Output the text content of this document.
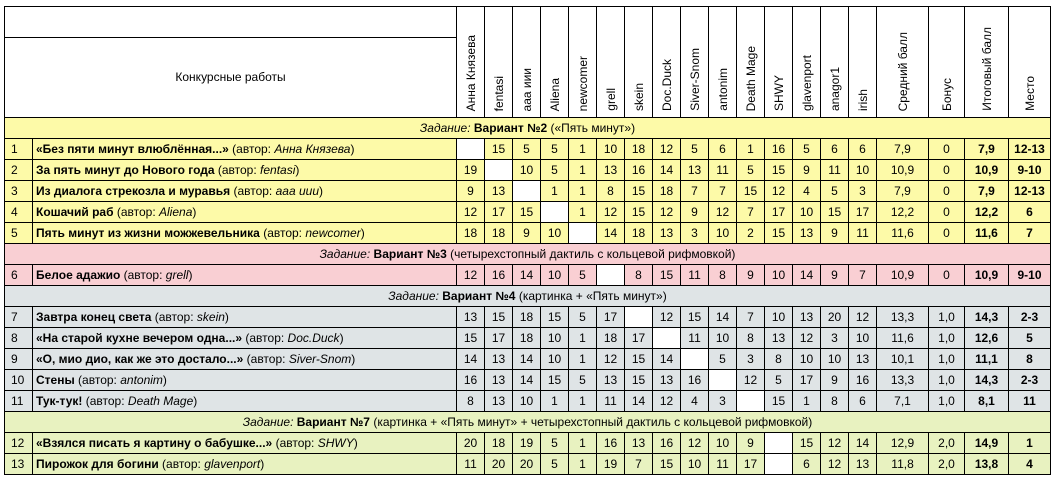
Конкурсные работы		Анна Князева	fentasi	ааа иии	Aliena	newcomer	grell	skein	Doc.Duck	Siver-Snom	antonim	Death Mage	SHWY	glavenport	anagor1	irish	Средний балл	Бонус	Итоговый балл	Место
Задание: Вариант №2 («Пять минут»)																				
1	«Без пяти минут влюблённая...» (автор: Анна Князева)		15	5	5	1	10	18	12	5	6	1	16	5	6	6	7,9	0	7,9	12-13
2	За пять минут до Нового года (автор: fentasi)	19		10	5	1	13	16	14	13	11	5	15	9	11	10	10,9	0	10,9	9-10
3	Из диалога стрекозла и муравья (автор: ааа иии)	9	13		1	1	8	15	18	7	7	15	12	4	5	3	7,9	0	7,9	12-13
4	Кошачий раб (автор: Aliena)	12	17	15		1	12	15	12	9	12	7	17	10	15	17	12,2	0	12,2	6
5	Пять минут из жизни можжевельника (автор: newcomer)	18	18	9	10		14	18	13	3	10	2	15	13	9	11	11,6	0	11,6	7
Задание: Вариант №3 (четырехстопный дактиль с кольцевой рифмовкой)																				
6	Белое адажио (автор: grell)	12	16	14	10	5		8	15	11	8	9	10	14	9	7	10,9	0	10,9	9-10
Задание: Вариант №4 (картинка + «Пять минут»)																				
7	Завтра конец света (автор: skein)	13	15	18	15	5	17		12	15	14	7	10	13	20	12	13,3	1,0	14,3	2-3
8	«На старой кухне вечером одна...» (автор: Doc.Duck)	15	17	18	10	1	18	17		11	10	8	13	12	3	10	11,6	1,0	12,6	5
9	«О, мио дио, как же это достало...» (автор: Siver-Snom)	14	13	14	10	1	12	15	14		5	3	8	10	10	13	10,1	1,0	11,1	8
10	Стены (автор: antonim)	16	13	14	15	5	13	15	13	16		12	5	17	9	16	13,3	1,0	14,3	2-3
11	Тук-тук! (автор: Death Mage)	8	13	10	1	1	11	14	12	4	3		15	1	8	6	7,1	1,0	8,1	11
Задание: Вариант №7 (картинка + «Пять минут» + четырехстопный дактиль с кольцевой рифмовкой)																				
12	«Взялся писать я картину о бабушке...» (автор: SHWY)	20	18	19	5	1	16	13	16	12	10	9		15	12	14	12,9	2,0	14,9	1
13	Пирожок для богини (автор: glavenport)	11	20	20	5	1	19	7	15	10	11	17		6	12	13	11,8	2,0	13,8	4
